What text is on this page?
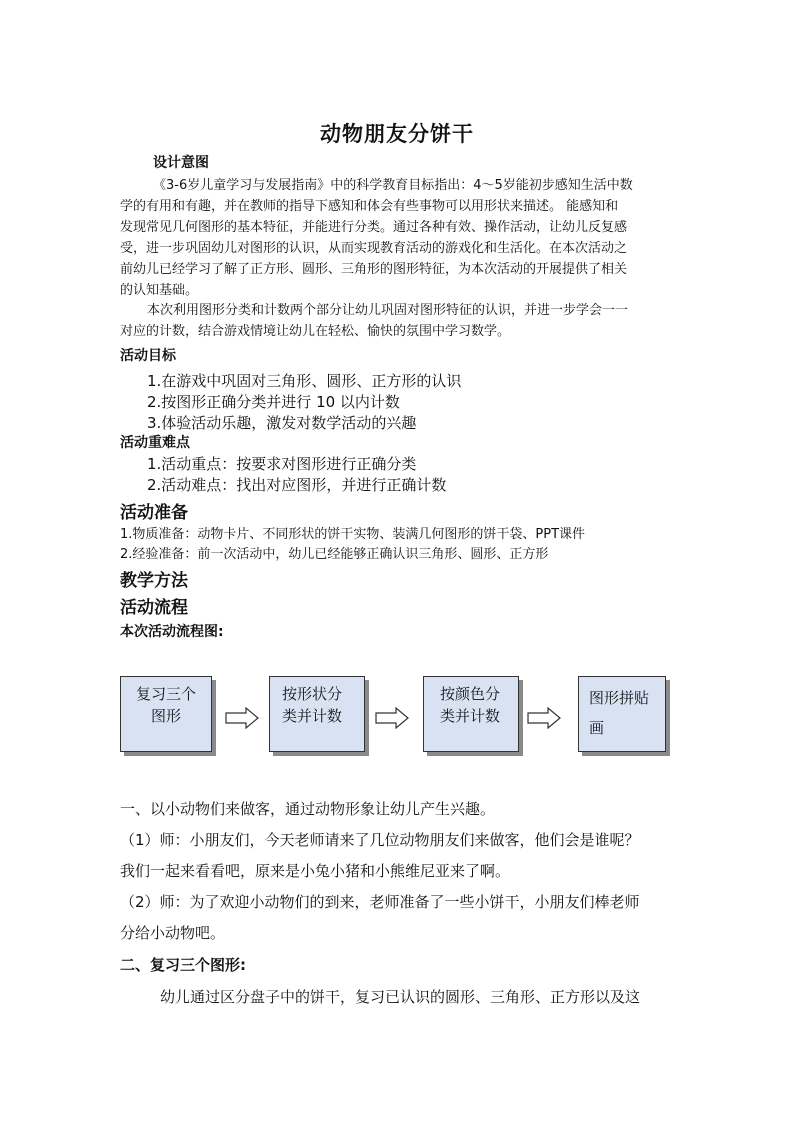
动物朋友分饼干
设计意图
《3-6岁儿童学习与发展指南》中的科学教育目标指出：4～5岁能初步感知生活中数
学的有用和有趣，并在教师的指导下感知和体会有些事物可以用形状来描述。 能感知和
发现常见几何图形的基本特征，并能进行分类。通过各种有效、操作活动，让幼儿反复感
受，进一步巩固幼儿对图形的认识，从而实现教育活动的游戏化和生活化。在本次活动之
前幼儿已经学习了解了正方形、圆形、三角形的图形特征，为本次活动的开展提供了相关
的认知基础。
本次利用图形分类和计数两个部分让幼儿巩固对图形特征的认识，并进一步学会一一
对应的计数，结合游戏情境让幼儿在轻松、愉快的氛围中学习数学。
活动目标
1.在游戏中巩固对三角形、圆形、正方形的认识
2.按图形正确分类并进行 10 以内计数
3.体验活动乐趣，激发对数学活动的兴趣
活动重难点
1.活动重点：按要求对图形进行正确分类
2.活动难点：找出对应图形，并进行正确计数
活动准备
1.物质准备：动物卡片、不同形状的饼干实物、装满几何图形的饼干袋、PPT课件
2.经验准备：前一次活动中，幼儿已经能够正确认识三角形、圆形、正方形
教学方法
活动流程
本次活动流程图:
复习三个
图形
按形状分
类并计数
按颜色分
类并计数
图形拼贴
画
一、以小动物们来做客，通过动物形象让幼儿产生兴趣。
（1）师：小朋友们，今天老师请来了几位动物朋友们来做客，他们会是谁呢？
我们一起来看看吧，原来是小兔小猪和小熊维尼亚来了啊。
（2）师：为了欢迎小动物们的到来，老师准备了一些小饼干，小朋友们棒老师
分给小动物吧。
二、复习三个图形:
幼儿通过区分盘子中的饼干，复习已认识的圆形、三角形、正方形以及这
